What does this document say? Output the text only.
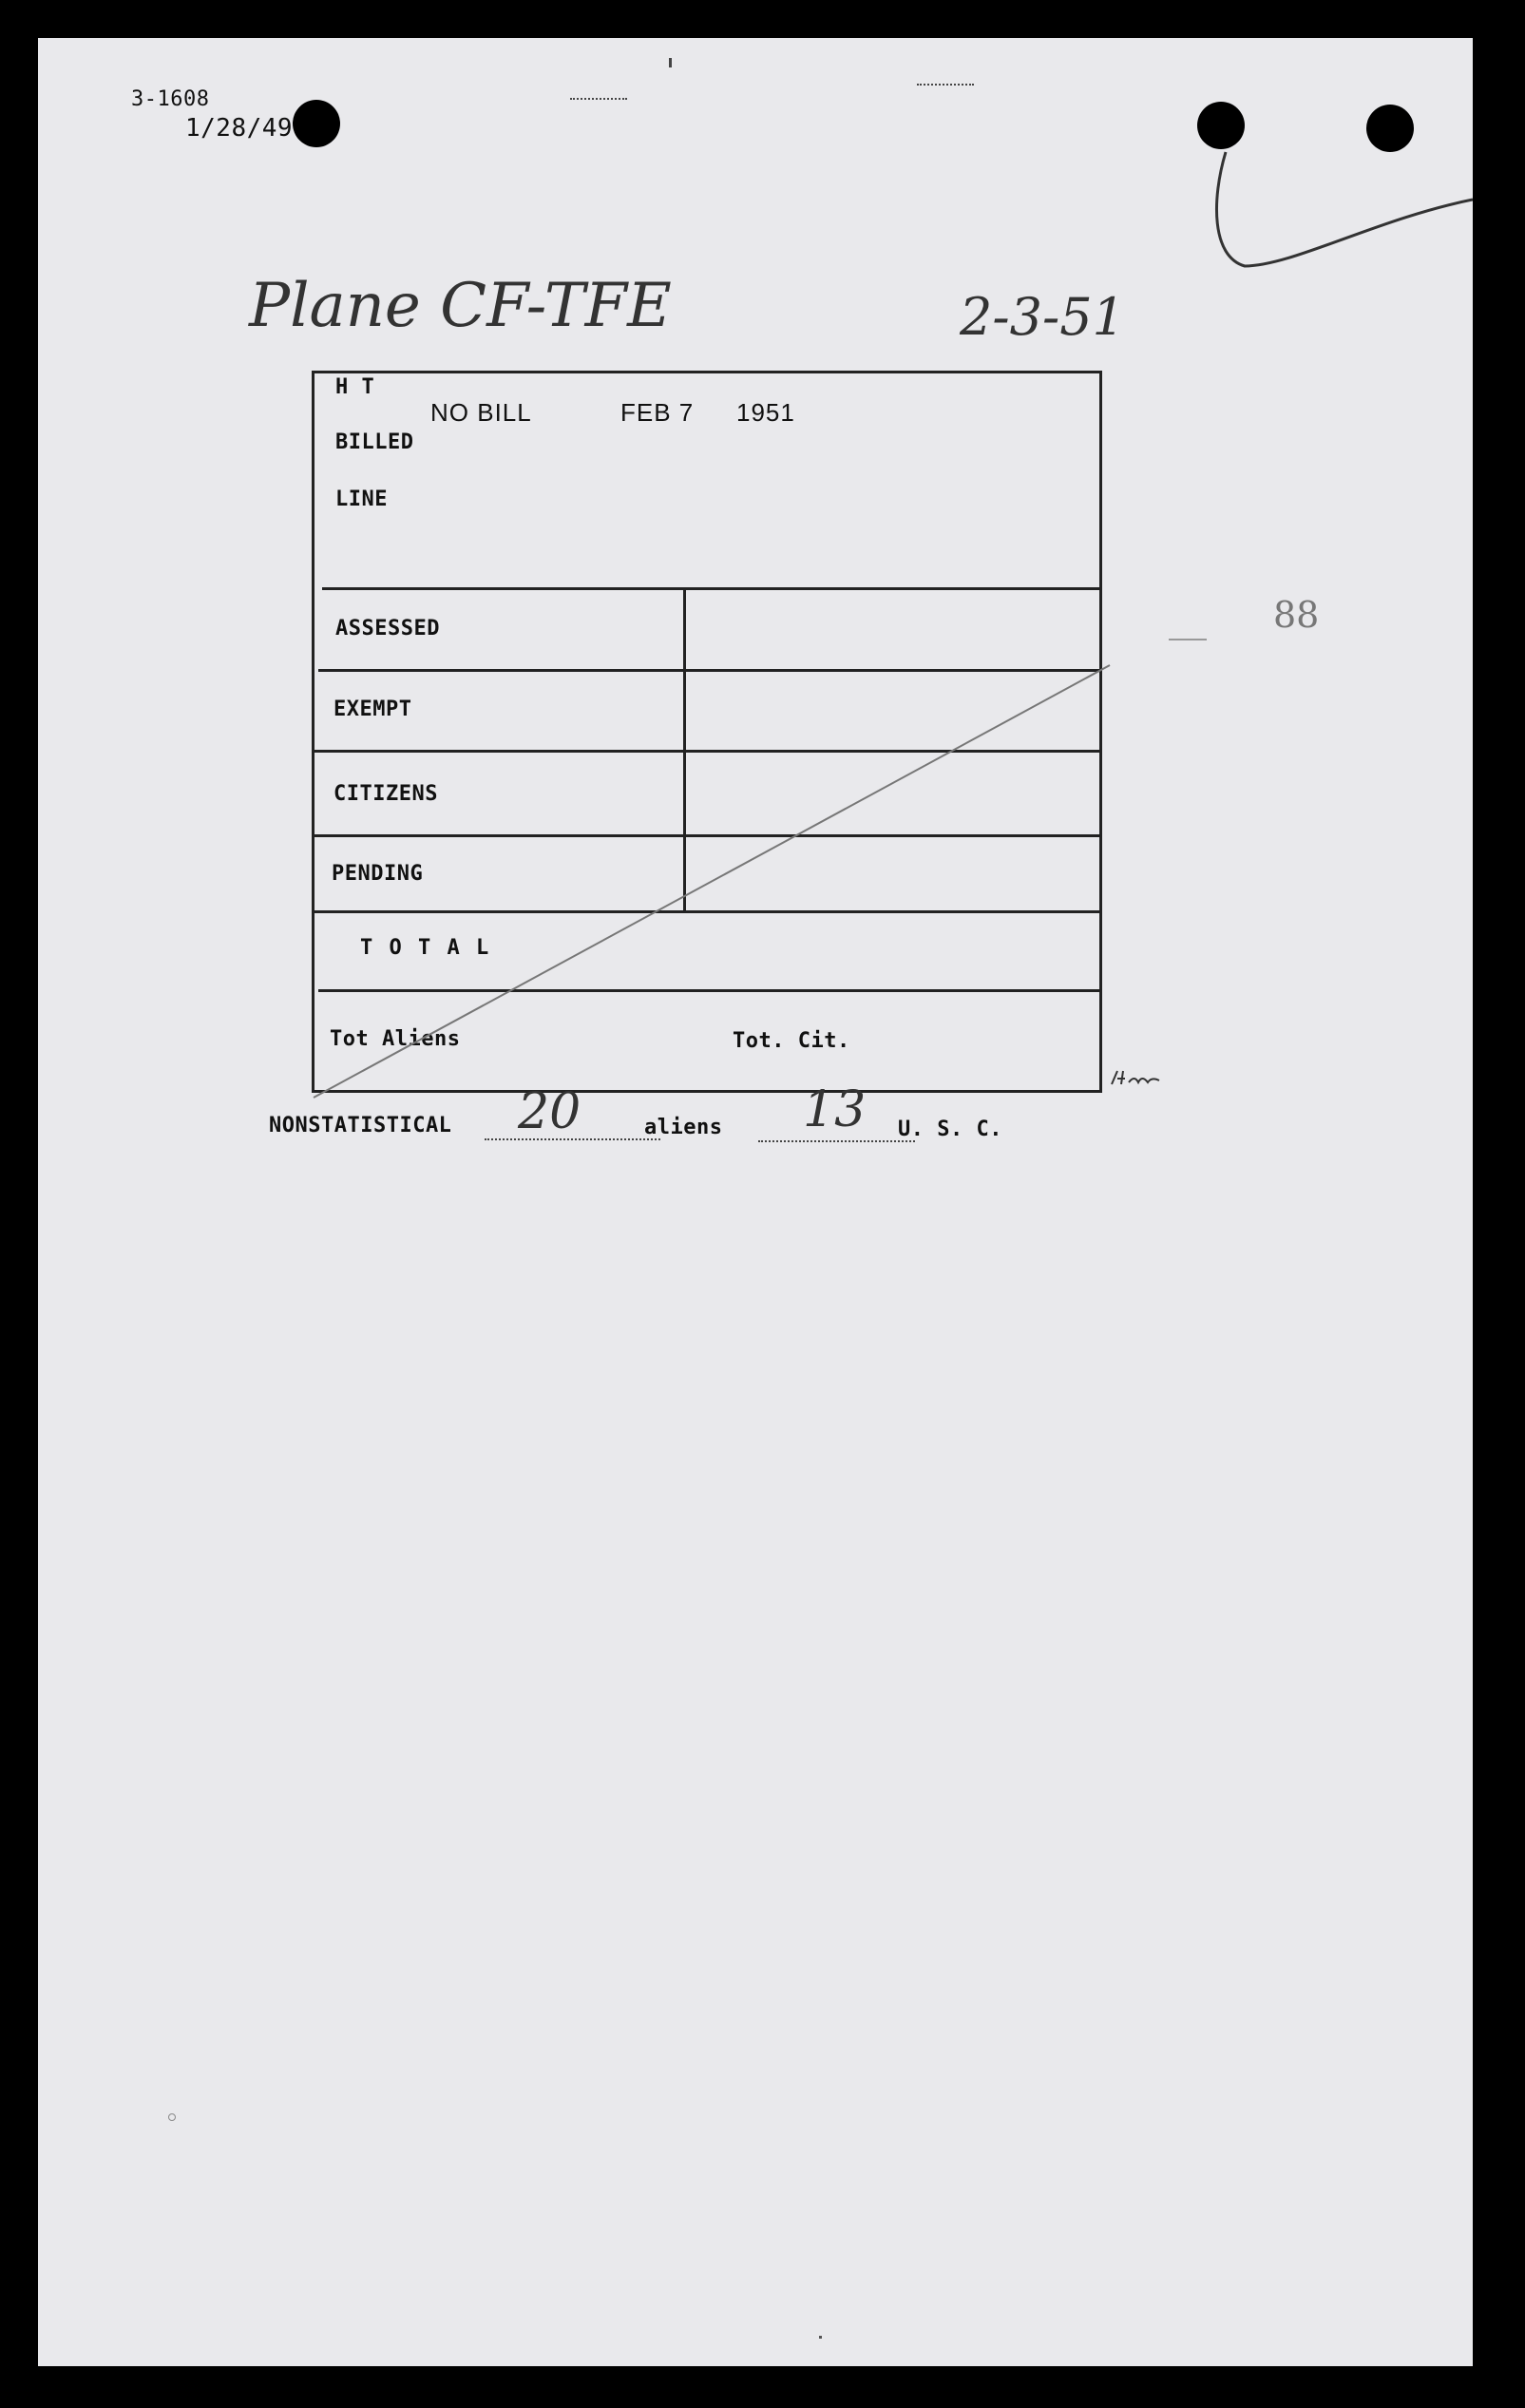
3-1608
1/28/49
Plane CF-TFE	2-3-51
88
H T
NO BILL	FEB 7 1951
BILLED
LINE
ASSESSED
EXEMPT
CITIZENS
PENDING
T O T A L
Tot Aliens	Tot. Cit.
NONSTATISTICAL 20	aliens 13 U. S. C.
